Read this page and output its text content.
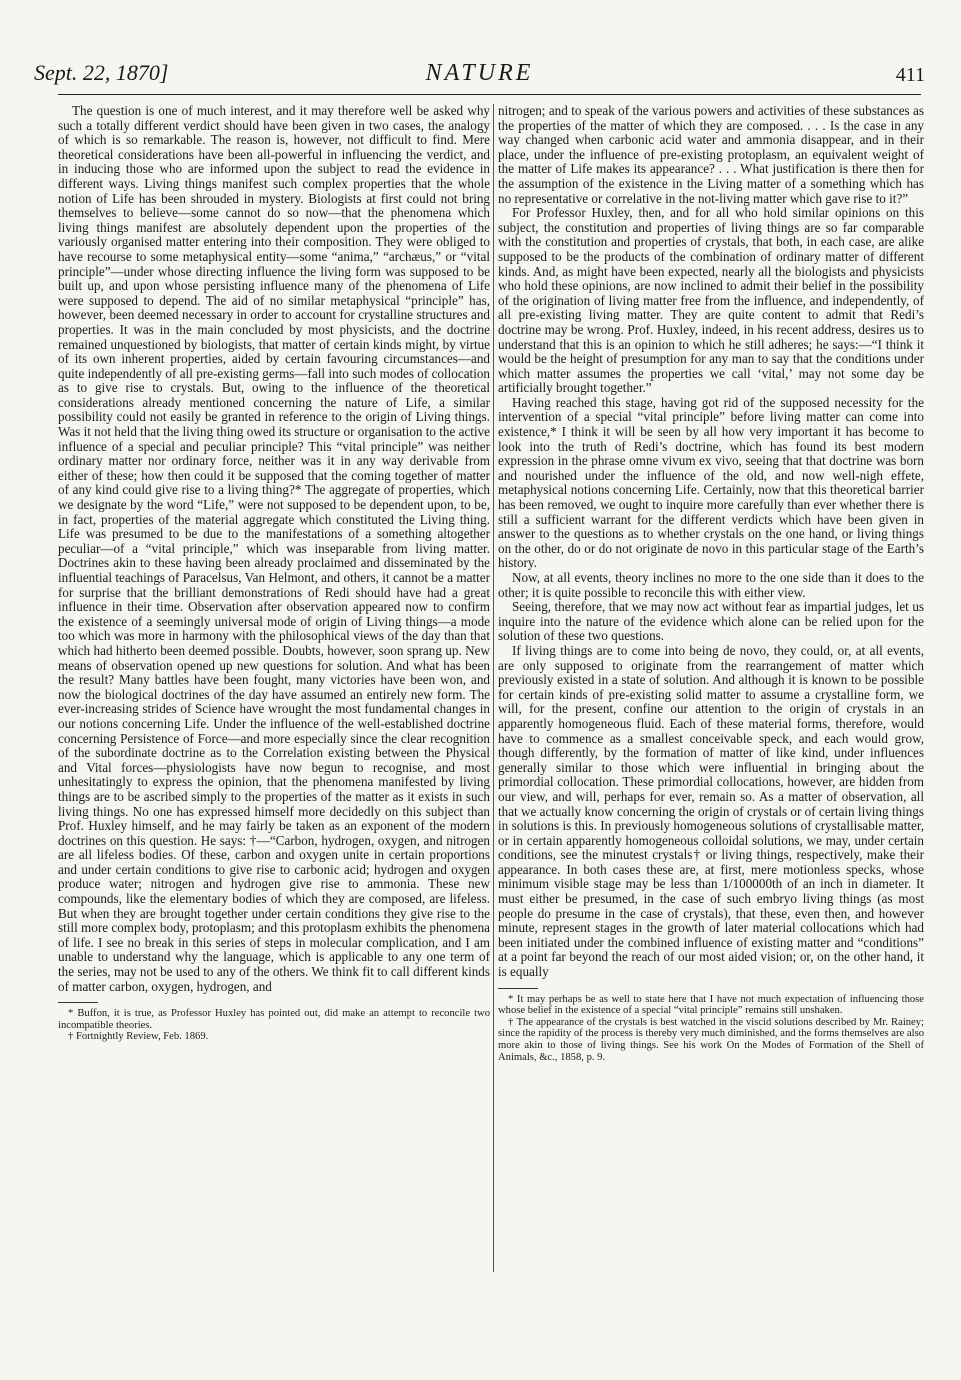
Sept. 22, 1870]	NATURE	411

The question is one of much interest, and it may therefore well be asked why such a totally different verdict should have been given in two cases, the analogy of which is so remarkable. The reason is, however, not difficult to find. Mere theoretical considerations have been all-powerful in influencing the verdict, and in inducing those who are informed upon the subject to read the evidence in different ways. Living things manifest such complex properties that the whole notion of Life has been shrouded in mystery. Biologists at first could not bring themselves to believe—some cannot do so now—that the phenomena which living things manifest are absolutely dependent upon the properties of the variously organised matter entering into their composition. They were obliged to have recourse to some metaphysical entity—some “anima,” “archæus,” or “vital principle”—under whose directing influence the living form was supposed to be built up, and upon whose persisting influence many of the phenomena of Life were supposed to depend. The aid of no similar metaphysical “principle” has, however, been deemed necessary in order to account for crystalline structures and properties. It was in the main concluded by most physicists, and the doctrine remained unquestioned by biologists, that matter of certain kinds might, by virtue of its own inherent properties, aided by certain favouring circumstances—and quite independently of all pre-existing germs—fall into such modes of collocation as to give rise to crystals. But, owing to the influence of the theoretical considerations already mentioned concerning the nature of Life, a similar possibility could not easily be granted in reference to the origin of Living things. Was it not held that the living thing owed its structure or organisation to the active influence of a special and peculiar principle? This “vital principle” was neither ordinary matter nor ordinary force, neither was it in any way derivable from either of these; how then could it be supposed that the coming together of matter of any kind could give rise to a living thing?* The aggregate of properties, which we designate by the word “Life,” were not supposed to be dependent upon, to be, in fact, properties of the material aggregate which constituted the Living thing. Life was presumed to be due to the manifestations of a something altogether peculiar—of a “vital principle,” which was inseparable from living matter. Doctrines akin to these having been already proclaimed and disseminated by the influential teachings of Paracelsus, Van Helmont, and others, it cannot be a matter for surprise that the brilliant demonstrations of Redi should have had a great influence in their time. Observation after observation appeared now to confirm the existence of a seemingly universal mode of origin of Living things—a mode too which was more in harmony with the philosophical views of the day than that which had hitherto been deemed possible. Doubts, however, soon sprang up. New means of observation opened up new questions for solution. And what has been the result? Many battles have been fought, many victories have been won, and now the biological doctrines of the day have assumed an entirely new form. The ever-increasing strides of Science have wrought the most fundamental changes in our notions concerning Life. Under the influence of the well-established doctrine concerning Persistence of Force—and more especially since the clear recognition of the subordinate doctrine as to the Correlation existing between the Physical and Vital forces—physiologists have now begun to recognise, and most unhesitatingly to express the opinion, that the phenomena manifested by living things are to be ascribed simply to the properties of the matter as it exists in such living things. No one has expressed himself more decidedly on this subject than Prof. Huxley himself, and he may fairly be taken as an exponent of the modern doctrines on this question. He says: †—“Carbon, hydrogen, oxygen, and nitrogen are all lifeless bodies. Of these, carbon and oxygen unite in certain proportions and under certain conditions to give rise to carbonic acid; hydrogen and oxygen produce water; nitrogen and hydrogen give rise to ammonia. These new compounds, like the elementary bodies of which they are composed, are lifeless. But when they are brought together under certain conditions they give rise to the still more complex body, protoplasm; and this protoplasm exhibits the phenomena of life. I see no break in this series of steps in molecular complication, and I am unable to understand why the language, which is applicable to any one term of the series, may not be used to any of the others. We think fit to call different kinds of matter carbon, oxygen, hydrogen, and

* Buffon, it is true, as Professor Huxley has pointed out, did make an attempt to reconcile two incompatible theories.

† Fortnightly Review, Feb. 1869.

nitrogen; and to speak of the various powers and activities of these substances as the properties of the matter of which they are composed. . . . Is the case in any way changed when carbonic acid water and ammonia disappear, and in their place, under the influence of pre-existing protoplasm, an equivalent weight of the matter of Life makes its appearance? . . . What justification is there then for the assumption of the existence in the Living matter of a something which has no representative or correlative in the not-living matter which gave rise to it?”

For Professor Huxley, then, and for all who hold similar opinions on this subject, the constitution and properties of living things are so far comparable with the constitution and properties of crystals, that both, in each case, are alike supposed to be the products of the combination of ordinary matter of different kinds. And, as might have been expected, nearly all the biologists and physicists who hold these opinions, are now inclined to admit their belief in the possibility of the origination of living matter free from the influence, and independently, of all pre-existing living matter. They are quite content to admit that Redi’s doctrine may be wrong. Prof. Huxley, indeed, in his recent address, desires us to understand that this is an opinion to which he still adheres; he says:—“I think it would be the height of presumption for any man to say that the conditions under which matter assumes the properties we call ‘vital,’ may not some day be artificially brought together.”

Having reached this stage, having got rid of the supposed necessity for the intervention of a special “vital principle” before living matter can come into existence,* I think it will be seen by all how very important it has become to look into the truth of Redi’s doctrine, which has found its best modern expression in the phrase omne vivum ex vivo, seeing that that doctrine was born and nourished under the influence of the old, and now well-nigh effete, metaphysical notions concerning Life. Certainly, now that this theoretical barrier has been removed, we ought to inquire more carefully than ever whether there is still a sufficient warrant for the different verdicts which have been given in answer to the questions as to whether crystals on the one hand, or living things on the other, do or do not originate de novo in this particular stage of the Earth’s history.

Now, at all events, theory inclines no more to the one side than it does to the other; it is quite possible to reconcile this with either view.

Seeing, therefore, that we may now act without fear as impartial judges, let us inquire into the nature of the evidence which alone can be relied upon for the solution of these two questions.

If living things are to come into being de novo, they could, or, at all events, are only supposed to originate from the rearrangement of matter which previously existed in a state of solution. And although it is known to be possible for certain kinds of pre-existing solid matter to assume a crystalline form, we will, for the present, confine our attention to the origin of crystals in an apparently homogeneous fluid. Each of these material forms, therefore, would have to commence as a smallest conceivable speck, and each would grow, though differently, by the formation of matter of like kind, under influences generally similar to those which were influential in bringing about the primordial collocation. These primordial collocations, however, are hidden from our view, and will, perhaps for ever, remain so. As a matter of observation, all that we actually know concerning the origin of crystals or of certain living things in solutions is this. In previously homogeneous solutions of crystallisable matter, or in certain apparently homogeneous colloidal solutions, we may, under certain conditions, see the minutest crystals† or living things, respectively, make their appearance. In both cases these are, at first, mere motionless specks, whose minimum visible stage may be less than 1/100000th of an inch in diameter. It must either be presumed, in the case of such embryo living things (as most people do presume in the case of crystals), that these, even then, and however minute, represent stages in the growth of later material collocations which had been initiated under the combined influence of existing matter and “conditions” at a point far beyond the reach of our most aided vision; or, on the other hand, it is equally

* It may perhaps be as well to state here that I have not much expectation of influencing those whose belief in the existence of a special “vital principle” remains still unshaken.

† The appearance of the crystals is best watched in the viscid solutions described by Mr. Rainey; since the rapidity of the process is thereby very much diminished, and the forms themselves are also more akin to those of living things. See his work On the Modes of Formation of the Shell of Animals, &c., 1858, p. 9.
